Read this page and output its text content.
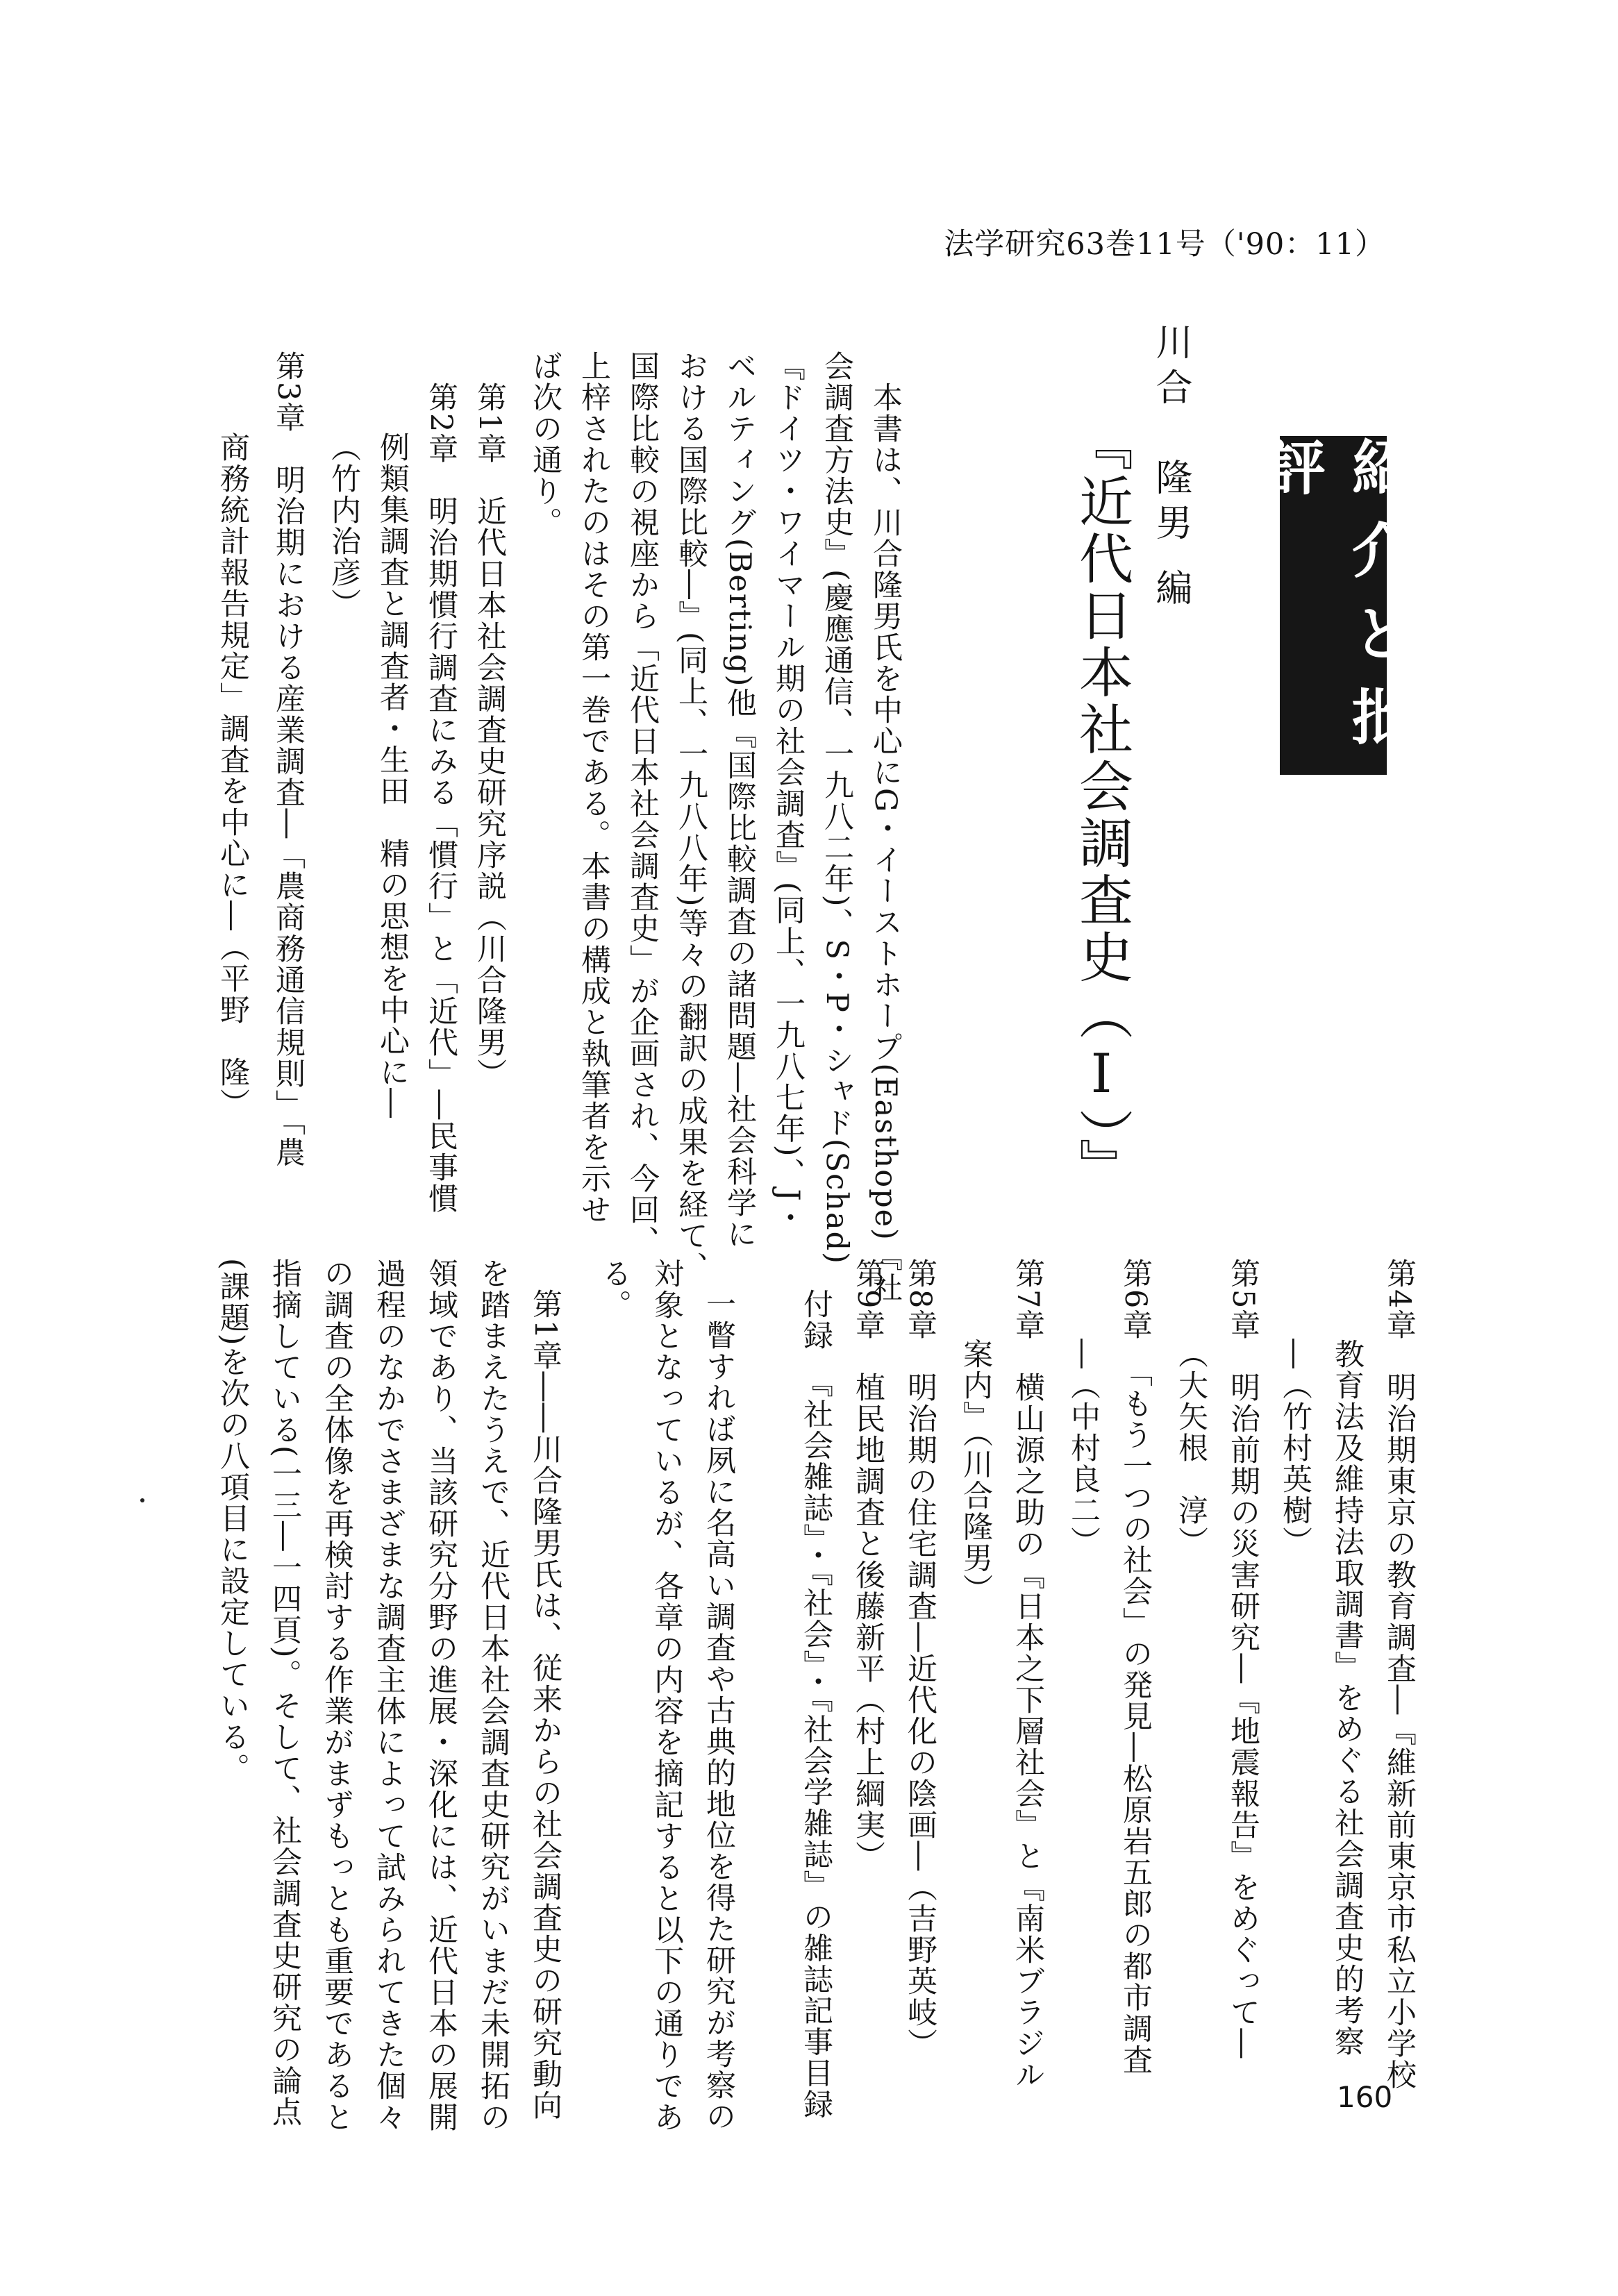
法学研究63巻11号（'90：11）
紹介と批評
『近代日本社会調査史（Ⅰ）』 川合　隆男 編
本書は、川合隆男氏を中心にG・イーストホープ(Easthope)『社
会調査方法史』(慶應通信、一九八二年)、S・P・シャド(Schad)
『ドイツ・ワイマール期の社会調査』(同上、一九八七年)、J・
ベルティング(Berting)他『国際比較調査の諸問題―社会科学に
おける国際比較―』(同上、一九八八年)等々の翻訳の成果を経て、
国際比較の視座から「近代日本社会調査史」が企画され、今回、
上梓されたのはその第一巻である。本書の構成と執筆者を示せ
ば次の通り。
第1章　近代日本社会調査史研究序説（川合隆男）
第2章　明治期慣行調査にみる「慣行」と「近代」―民事慣
例類集調査と調査者・生田　精の思想を中心に―
（竹内治彦）
第3章　明治期における産業調査―「農商務通信規則」「農
商務統計報告規定」調査を中心に―（平野　隆）
第4章　明治期東京の教育調査―『維新前東京市私立小学校
教育法及維持法取調書』をめぐる社会調査史的考察
―（竹村英樹）
第5章　明治前期の災害研究―『地震報告』をめぐって―
（大矢根　淳）
第6章　「もう一つの社会」の発見―松原岩五郎の都市調査
―（中村良二）
第7章　横山源之助の『日本之下層社会』と『南米ブラジル
案内』（川合隆男）
第8章　明治期の住宅調査―近代化の陰画―（吉野英岐）
第9章　植民地調査と後藤新平（村上綱実）
付録　『社会雑誌』・『社会』・『社会学雑誌』の雑誌記事目録
一瞥すれば夙に名高い調査や古典的地位を得た研究が考察の
対象となっているが、各章の内容を摘記すると以下の通りであ
る。
第1章――川合隆男氏は、従来からの社会調査史の研究動向
を踏まえたうえで、近代日本社会調査史研究がいまだ未開拓の
領域であり、当該研究分野の進展・深化には、近代日本の展開
過程のなかでさまざまな調査主体によって試みられてきた個々
の調査の全体像を再検討する作業がまずもっとも重要であると
指摘している(一三―一四頁)。そして、社会調査史研究の論点
(課題)を次の八項目に設定している。
160
